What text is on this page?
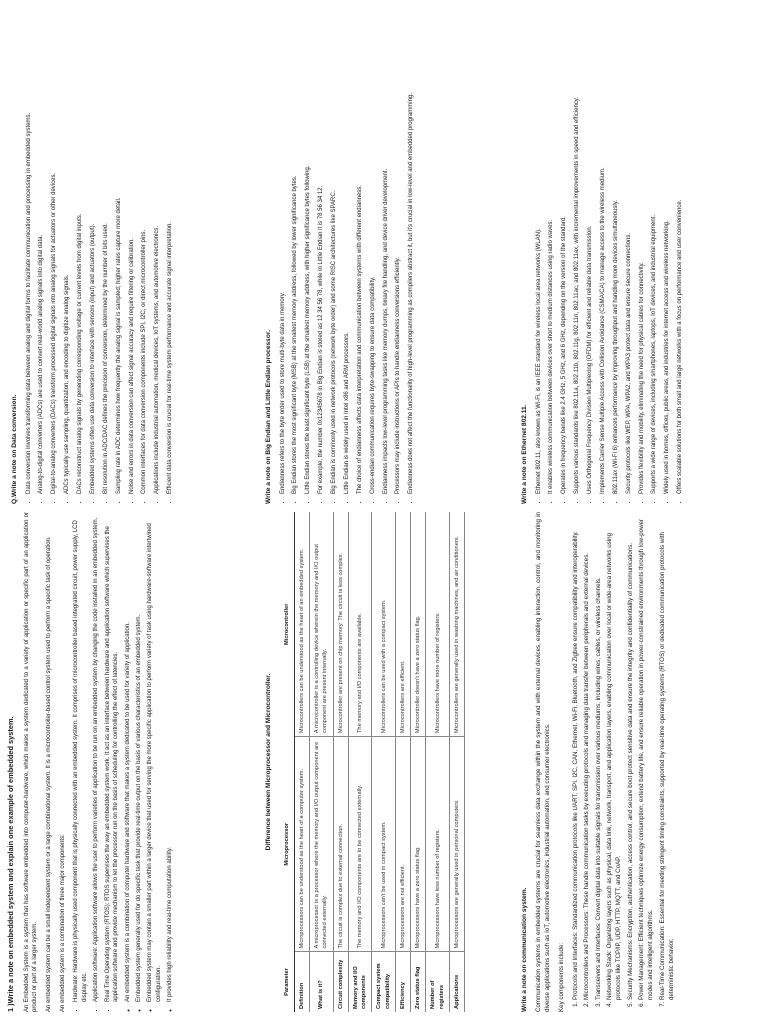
1 )Write a note on embedded system and explain one example of embedded system. An Embedded System is a system that has software embedded into computer-hardware, which makes a system dedicated to a variety of application or specific part of an application or product or part of a larger system. An embedded system can be a small independent system or a large combinational system. It is a microcontroller-based control system used to perform a specific task of operation. An embedded system is a combination of three major components: ▪ Hardware: Hardware is physically used component that is physically connected with an embedded system. It comprises of microcontroller based integrated circuit, power supply, LCD display etc. ▪ Application software: Application software allows the user to perform varieties of application to be run on an embedded system by changing the code installed in an embedded system. ▪ Real Time Operating system (RTOS): RTOS supervises the way an embedded system work. It act as an interface between hardware and application software which supervises the application software and provide mechanism to let the processor run on the basis of scheduling for controlling the effect of latencies. ◦ An embedded system is a combination of computer hardware and software that makes a system dedicated to be used for variety of application. ◦ Embedded system generally used for do specific task that provide real-time output on the basis of various characteristics of an embedded system. ◦ Embedded system may contain a smaller part within a larger device that used for serving the more specific application to perform variety of task using hardware-software intertwined configuration. ◦ It provides high reliability and real-time computation ability.
Q.Write a note on Data conversion. • Data conversion involves transforming data between analog and digital forms to facilitate communication and processing in embedded systems. • Analog-to-digital converters (ADCs) are used to convert real-world analog signals into digital data. • Digital-to-analog converters (DACs) transform processed digital signals into analog signals for actuators or other devices. • ADCs typically use sampling, quantization, and encoding to digitize analog signals. • DACs reconstruct analog signals by generating corresponding voltage or current levels from digital inputs. • Embedded systems often use data conversion to interface with sensors (input) and actuators (output). • Bit resolution in ADC/DAC defines the precision of conversion, determined by the number of bits used. • Sampling rate in ADC determines how frequently the analog signal is sampled; higher rates capture more detail. • Noise and errors in data conversion can affect signal accuracy and require filtering or calibration. • Common interfaces for data conversion components include SPI, I2C, or direct microcontroller pins. • Applications include industrial automation, medical devices, IoT systems, and automotive electronics. • Efficient data conversion is crucial for real-time system performance and accurate signal interpretation.
Difference between Microprocessor and Microcontroller.
Parameter	Microprocessor	Microcontroller
Definition	Microprocessors can be understood as the heart of a computer system.	Microcontrollers can be understood as the heart of an embedded system.
What is it?	A microprocessor is a processor where the memory and I/O output component are connected externally.	A microcontroller is a controlling device wherein the memory and I/O output component are present internally.
Circuit complexity	The circuit is complex due to external connection.	Microcontroller are present on chip memory. The circuit is less complex.
Memory and I/O components	The memory and I/O components are to be connected externally.	The memory and I/O components are available.
Compact system compatibility	Microprocessors can't be used in compact system.	Microcontrollers can be used with a compact system.
Efficiency	Microprocessors are not efficient.	Microcontrollers are efficient.
Zero status flag	Microprocessors have a zero status flag.	Microcontroller doesn't have a zero status flag.
Number of registers	Microprocessors have less number of registers.	Microcontrollers have more number of registers.
Applications	Microprocessors are generally used in personal computers.	Microcontrollers are generally used in washing machines, and air conditioners.
Write a note on Big Endian and Little Endian processor. • Endianness refers to the byte order used to store multi-byte data in memory. • Big Endian stores the most significant byte (MSB) at the smallest memory address, followed by lower significance bytes. • Little Endian stores the least significant byte (LSB) at the smallest memory address, with higher significance bytes following. • For example, the number 0x12345678 in Big Endian is stored as 12 34 56 78, while in Little Endian it is 78 56 34 12. • Big Endian is commonly used in network protocols (network byte order) and some RISC architectures like SPARC. • Little Endian is widely used in Intel x86 and ARM processors. • The choice of endianness affects data interpretation and communication between systems with different endianness. • Cross-endian communication requires byte-swapping to ensure data compatibility. • Endianness impacts low-level programming tasks like memory dumps, binary file handling, and device driver development. • Processors may include instructions or APIs to handle endianness conversions efficiently. • Endianness does not affect the functionality of high-level programming as compilers abstract it, but it's crucial in low-level and embedded programming.
Write a note on communication system. Communication systems in embedded systems are crucial for seamless data exchange within the system and with external devices, enabling interaction, control, and monitoring in diverse applications such as IoT, automotive electronics, industrial automation, and consumer electronics.	Key components include:	1. Protocols and Interfaces: Standardized communication protocols like UART, SPI, I2C, CAN, Ethernet, Wi-Fi, Bluetooth, and Zigbee ensure compatibility and interoperability. 2. Microcontrollers and Processors: These handle communication tasks by executing protocols and managing data transfer between peripherals and external devices. 3. Transceivers and Interfaces: Convert digital data into suitable signals for transmission over various mediums, including wires, cables, or wireless channels. 4. Networking Stack: Organizing layers such as physical, data link, network, transport, and application layers, enabling communication over local or wide-area networks using protocols like TCP/IP, UDP, HTTP, MQTT, and CoAP. 5. Security Mechanisms: Encryption, authentication, access control, and secure boot protect sensitive data and ensure the integrity and confidentiality of communications. 6. Power Management: Efficient techniques optimize energy consumption, extend battery life, and ensure reliable operation in power-constrained environments through low-power modes and intelligent algorithms. 7. Real-Time Communication: Essential for meeting stringent timing constraints, supported by real-time operating systems (RTOS) or dedicated communication protocols with deterministic behavior.
Write a note on Ethernet 802.11. • Ethernet 802.11, also known as Wi-Fi, is an IEEE standard for wireless local area networks (WLAN). • It enables wireless communication between devices over short to medium distances using radio waves. • Operates in frequency bands like 2.4 GHz, 5 GHz, and 6 GHz, depending on the version of the standard. • Supports various standards like 802.11a, 802.11b, 802.11g, 802.11n, 802.11ac, and 802.11ax, with incremental improvements in speed and efficiency. • Uses Orthogonal Frequency Division Multiplexing (OFDM) for efficient and reliable data transmission. • Implements Carrier Sense Multiple Access with Collision Avoidance (CSMA/CA) to manage access to the wireless medium. • 802.11ax (Wi-Fi 6) enhances performance by improving throughput and handling more devices simultaneously. • Security protocols like WEP, WPA, WPA2, and WPA3 protect data and ensure secure connections. • Provides flexibility and mobility, eliminating the need for physical cables for connectivity. • Supports a wide range of devices, including smartphones, laptops, IoT devices, and industrial equipment. • Widely used in homes, offices, public areas, and industries for internet access and wireless networking. • Offers scalable solutions for both small and large networks with a focus on performance and user convenience.
